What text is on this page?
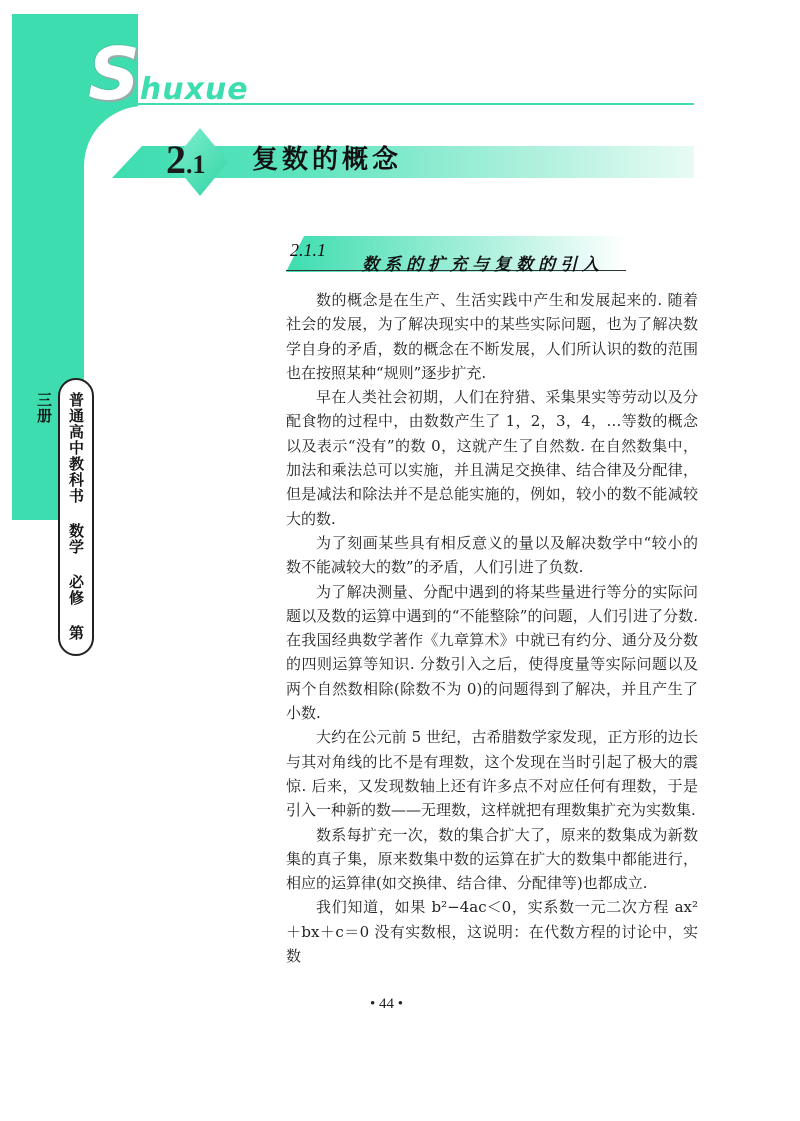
Shuxue
2.1 复数的概念
2.1.1
数系的扩充与复数的引入
普通高中教科书 数学 必修 第三册

数的概念是在生产、生活实践中产生和发展起来的. 随着社会的发展，为了解决现实中的某些实际问题，也为了解决数学自身的矛盾，数的概念在不断发展，人们所认识的数的范围也在按照某种“规则”逐步扩充.

早在人类社会初期，人们在狩猎、采集果实等劳动以及分配食物的过程中，由数数产生了 1，2，3，4，…等数的概念以及表示“没有”的数 0，这就产生了自然数. 在自然数集中，加法和乘法总可以实施，并且满足交换律、结合律及分配律，但是减法和除法并不是总能实施的，例如，较小的数不能减较大的数.

为了刻画某些具有相反意义的量以及解决数学中“较小的数不能减较大的数”的矛盾，人们引进了负数.

为了解决测量、分配中遇到的将某些量进行等分的实际问题以及数的运算中遇到的“不能整除”的问题，人们引进了分数. 在我国经典数学著作《九章算术》中就已有约分、通分及分数的四则运算等知识. 分数引入之后，使得度量等实际问题以及两个自然数相除(除数不为 0)的问题得到了解决，并且产生了小数.

大约在公元前 5 世纪，古希腊数学家发现，正方形的边长与其对角线的比不是有理数，这个发现在当时引起了极大的震惊. 后来，又发现数轴上还有许多点不对应任何有理数，于是引入一种新的数——无理数，这样就把有理数集扩充为实数集.

数系每扩充一次，数的集合扩大了，原来的数集成为新数集的真子集，原来数集中数的运算在扩大的数集中都能进行，相应的运算律(如交换律、结合律、分配律等)也都成立.

我们知道，如果 b²−4ac＜0，实系数一元二次方程 ax²＋bx＋c＝0 没有实数根，这说明：在代数方程的讨论中，实数

• 44 •
